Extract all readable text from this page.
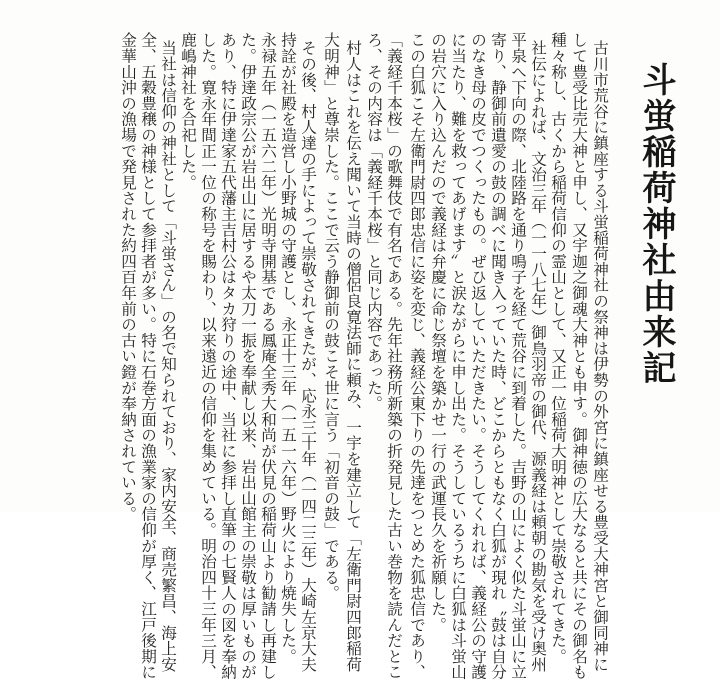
斗蛍稲荷神社由来記
古川市荒谷に鎮座する斗蛍稲荷神社の祭神は伊勢の外宮に鎮座せる豊受大神宮と御同神に
して豊受比売大神と申し、又宇迦之御魂大神とも申す。御神徳の広大なると共にその御名も
種々称し、古くから稲荷信仰の霊山として、又正一位稲荷大明神として崇敬されてきた。
社伝によれば、文治三年（一一八七年）御鳥羽帝の御代、源義経は頼朝の勘気を受け奥州
平泉へ下向の際、北陸路を通り鳴子を経て荒谷に到着した。吉野の山によく似た斗蛍山に立
寄り、静御前遺愛の鼓の調べに聞き入っていた時、どこからともなく白狐が現れ〝鼓は自分
のなき母の皮でつくったもの。ぜひ返していただきたい。そうしてくれれば、義経公の守護
に当たり、難を救ってあげます〟と涙ながらに申し出た。そうしているうちに白狐は斗蛍山
の岩穴に入り込んだので義経は弁慶に命じ祭壇を築かせ一行の武運長久を祈願した。
この白狐こそ左衛門尉四郎忠信に姿を変じ、義経公東下りの先達をつとめた狐忠信であり、
「義経千本桜」の歌舞伎で有名である。先年社務所新築の折発見した古い巻物を読んだとこ
ろ、その内容は「義経千本桜」と同じ内容であった。
村人はこれを伝え聞いて当時の僧侶良寛法師に頼み、一宇を建立して「左衛門尉四郎稲荷
大明神」と尊崇した。ここで云う静御前の鼓こそ世に言う「初音の鼓」である。
その後、村人達の手によって崇敬されてきたが、応永三十年（一四二三年）大崎左京大夫
持詮が社殿を造営し小野城の守護とし、永正十三年（一五一六年）野火により焼失した。
永禄五年（一五六二年）光明寺開基である鳳庵全秀大和尚が伏見の稲荷山より勧請し再建し
た。伊達政宗公が岩出山に居するや太刀一振を奉献し以来、岩出山館主の崇敬は厚いものが
あり、特に伊達家五代藩主吉村公はタカ狩りの途中、当社に参拝し直筆の七賢人の図を奉納
した。寛永年間正一位の称号を賜わり、以来遠近の信仰を集めている。明治四十三年三月、
鹿嶋神社を合祀した。
当社は信仰の神社として「斗蛍さん」の名で知られており、家内安全、商売繁昌、海上安
全、五穀豊穣の神様として参拝者が多い。特に石巻方面の漁業家の信仰が厚く、江戸後期に
金華山沖の漁場で発見された約四百年前の古い鐙が奉納されている。
